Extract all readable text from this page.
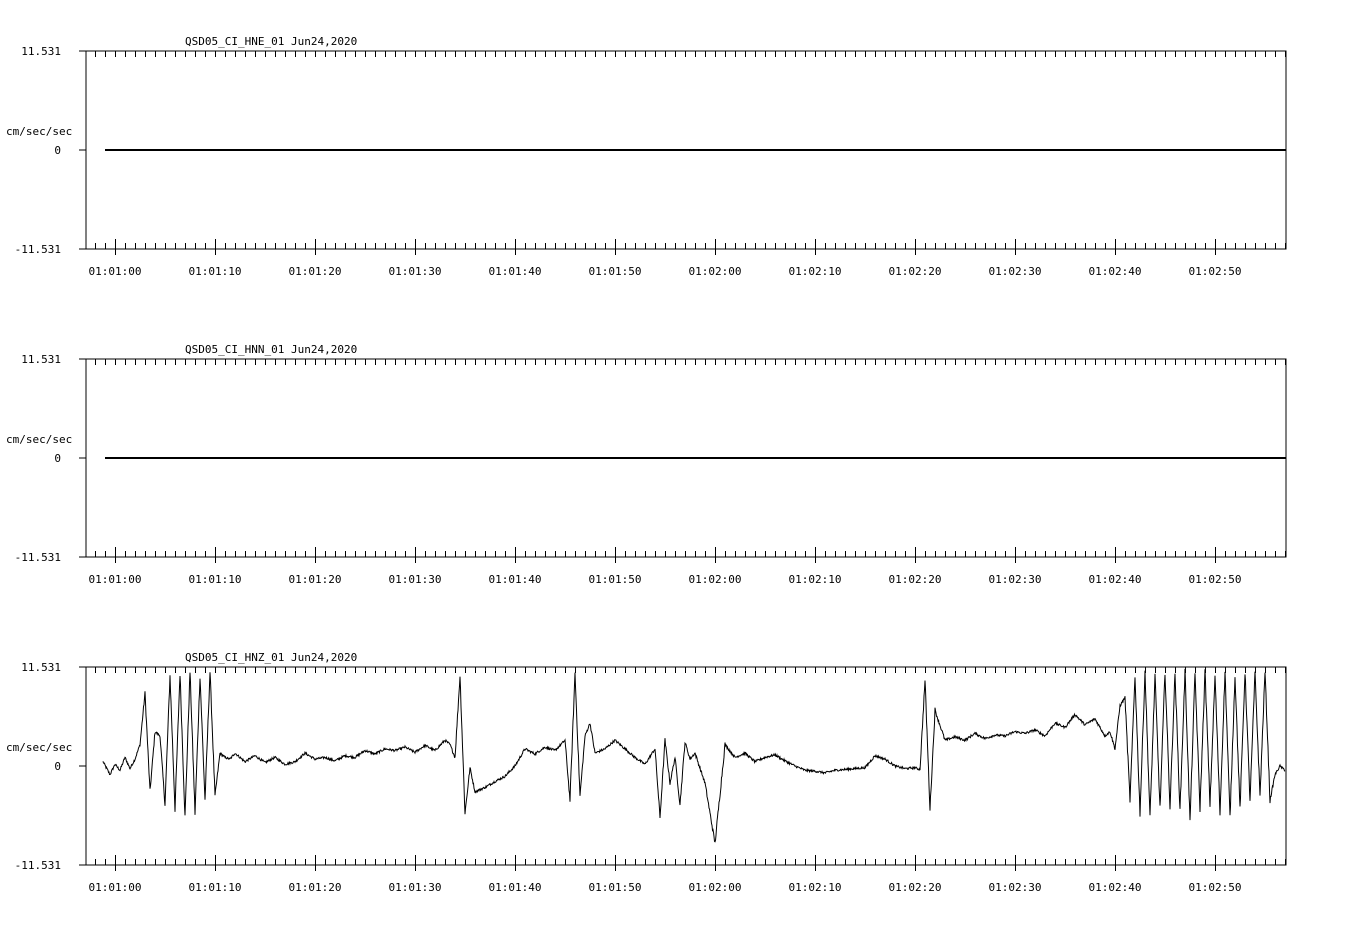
QSD05_CI_HNE_01 Jun24,2020
cm/sec/sec
11.531
0
-11.531
01:01:00	01:01:10	01:01:20	01:01:30	01:01:40	01:01:50	01:02:00	01:02:10	01:02:20	01:02:30	01:02:40	01:02:50
QSD05_CI_HNN_01 Jun24,2020
cm/sec/sec
11.531
0
-11.531
01:01:00	01:01:10	01:01:20	01:01:30	01:01:40	01:01:50	01:02:00	01:02:10	01:02:20	01:02:30	01:02:40	01:02:50
QSD05_CI_HNZ_01 Jun24,2020
cm/sec/sec
11.531
0
-11.531
01:01:00	01:01:10	01:01:20	01:01:30	01:01:40	01:01:50	01:02:00	01:02:10	01:02:20	01:02:30	01:02:40	01:02:50
